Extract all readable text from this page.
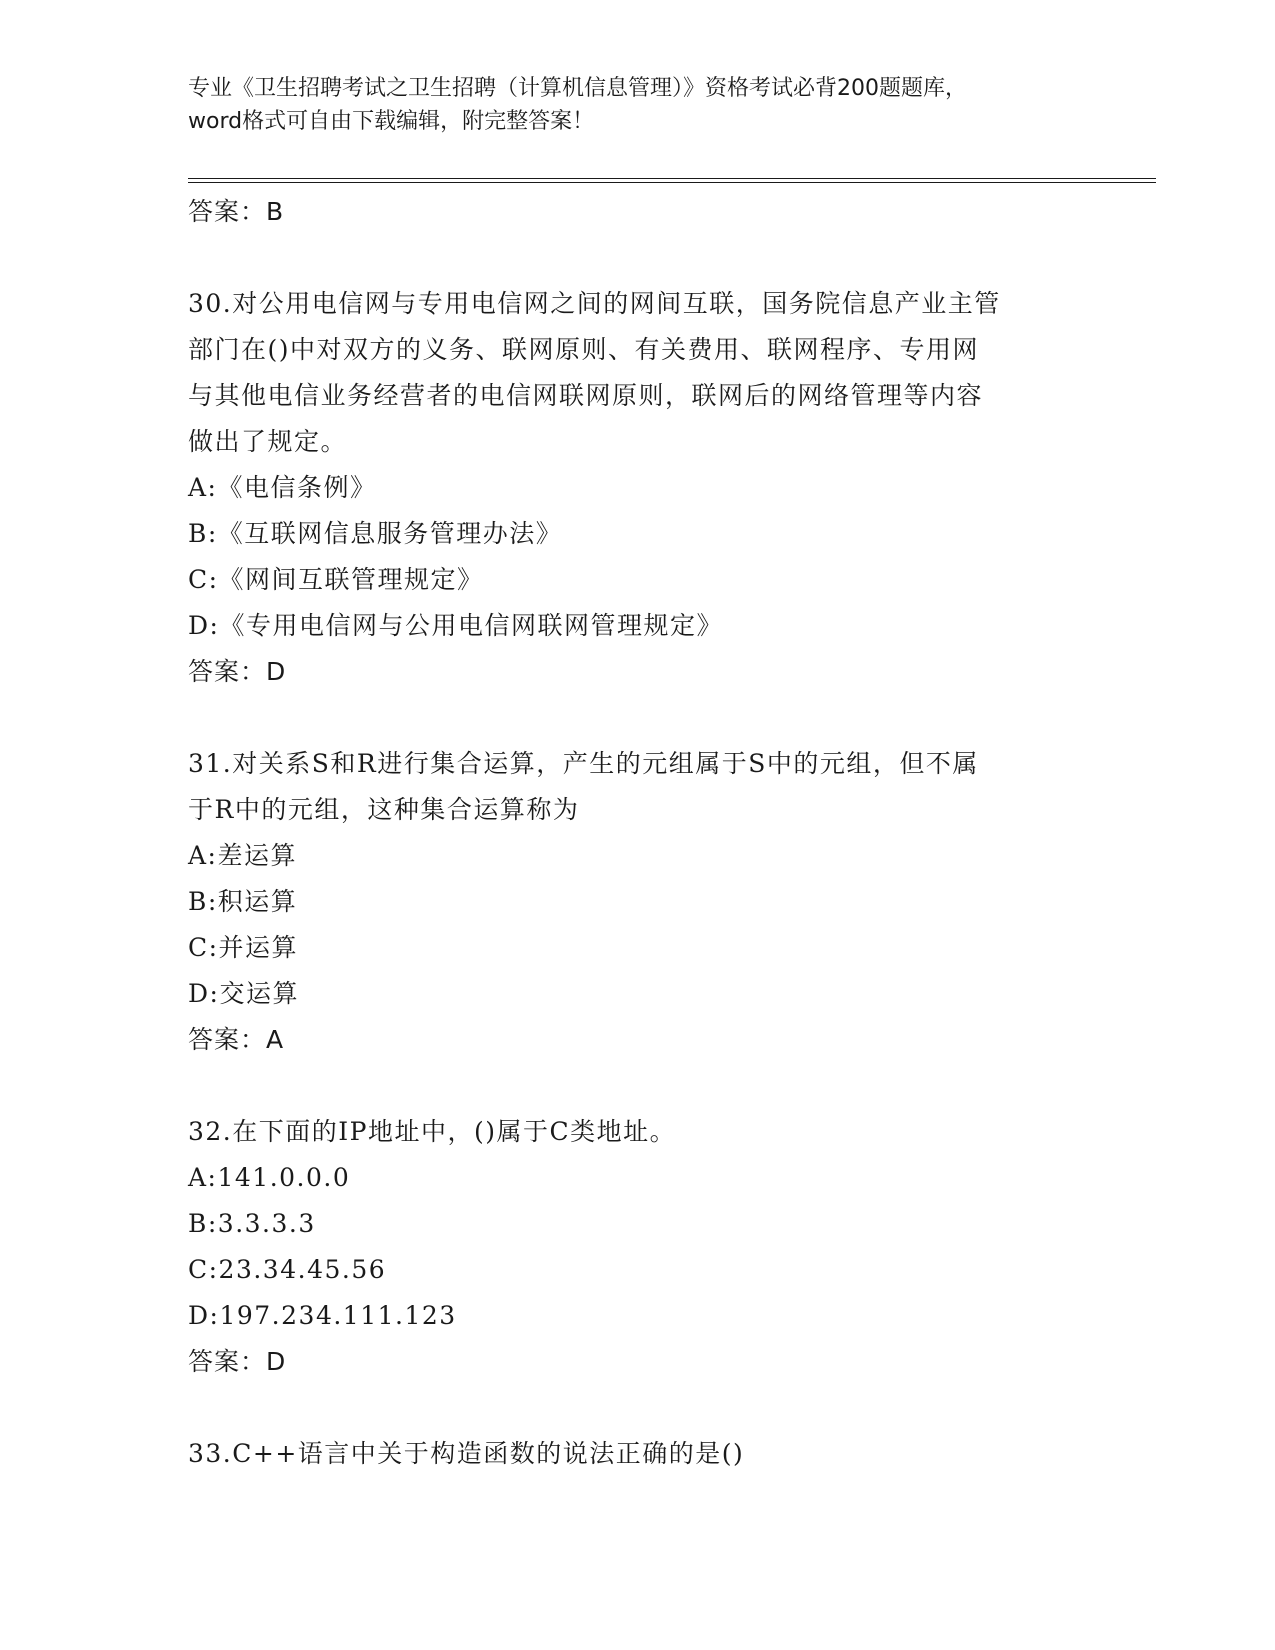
专业《卫生招聘考试之卫生招聘（计算机信息管理）》资格考试必背200题题库，
word格式可自由下载编辑，附完整答案！
答案：B
30.对公用电信网与专用电信网之间的网间互联，国务院信息产业主管
部门在()中对双方的义务、联网原则、有关费用、联网程序、专用网
与其他电信业务经营者的电信网联网原则，联网后的网络管理等内容
做出了规定。
A:《电信条例》
B:《互联网信息服务管理办法》
C:《网间互联管理规定》
D:《专用电信网与公用电信网联网管理规定》
答案：D
31.对关系S和R进行集合运算，产生的元组属于S中的元组，但不属
于R中的元组，这种集合运算称为
A:差运算
B:积运算
C:并运算
D:交运算
答案：A
32.在下面的IP地址中，()属于C类地址。
A:141.0.0.0
B:3.3.3.3
C:23.34.45.56
D:197.234.111.123
答案：D
33.C++语言中关于构造函数的说法正确的是()
